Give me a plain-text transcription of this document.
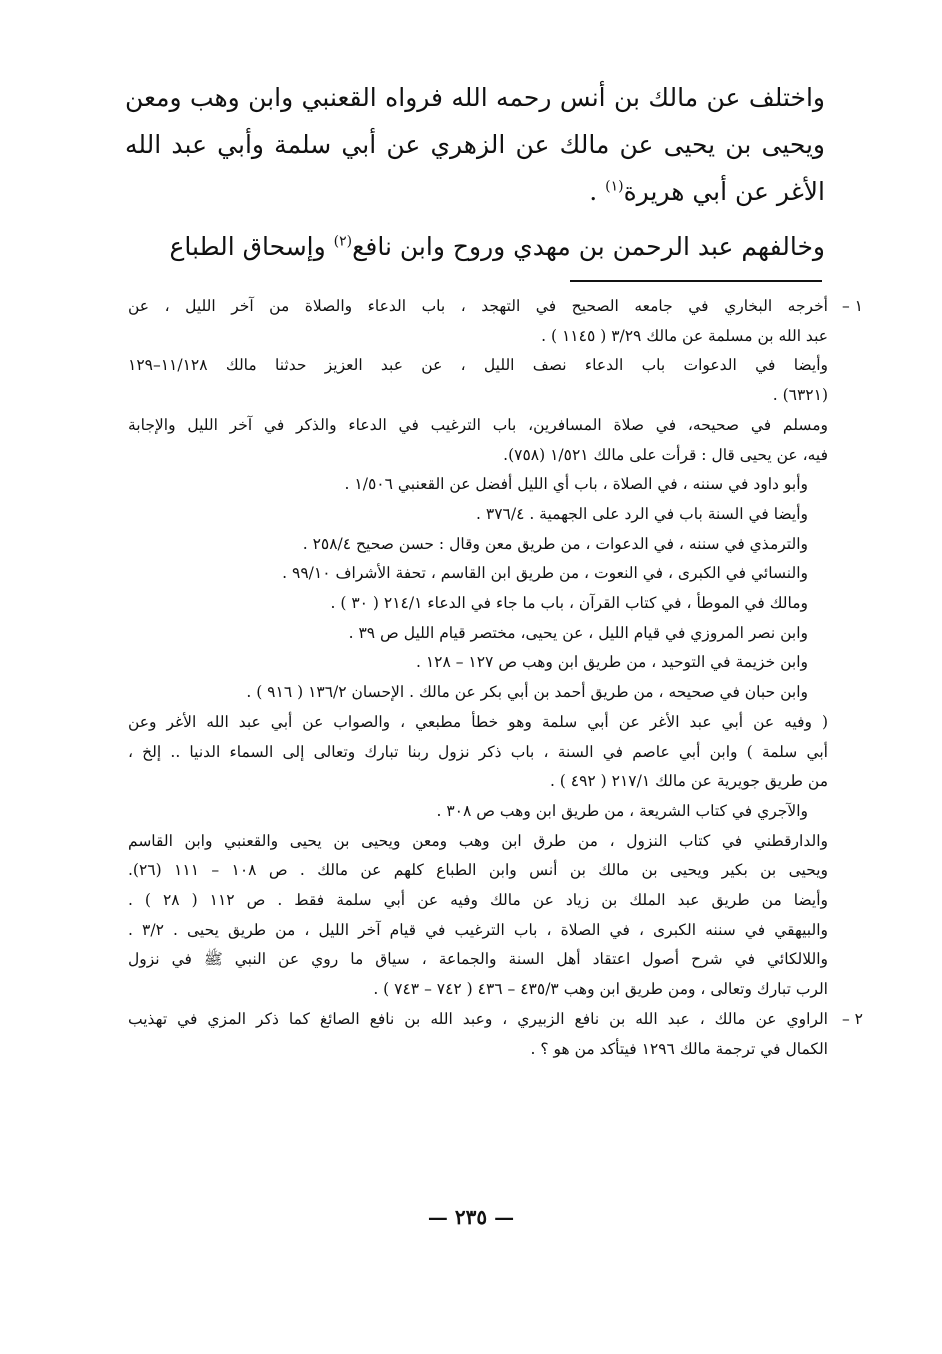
واختلف عن مالك بن أنس رحمه الله فرواه القعنبي وابن وهب ومعن ويحيى بن يحيى عن مالك عن الزهري عن أبي سلمة وأبي عبد الله الأغر عن أبي هريرة$^{(١)}$ .

وخالفهم عبد الرحمن بن مهدي وروح وابن نافع$^{(٢)}$ وإسحاق الطباع

١ –
أخرجه البخاري في جامعه الصحيح في التهجد ، باب الدعاء والصلاة من آخر الليل ، عن
عبد الله بن مسلمة عن مالك ٣/٢٩ ( ١١٤٥ ) .
وأيضا في الدعوات باب الدعاء نصف الليل ، عن عبد العزيز حدثنا مالك ١١/١٢٨–١٢٩
(٦٣٢١) .
ومسلم في صحيحه، في صلاة المسافرين، باب الترغيب في الدعاء والذكر في آخر الليل والإجابة
فيه، عن يحيى قال : قرأت على مالك ١/٥٢١ (٧٥٨).
وأبو داود في سننه ، في الصلاة ، باب أي الليل أفضل عن القعنبي ١/٥٠٦ .
وأيضا في السنة باب في الرد على الجهمية . ٣٧٦/٤ .
والترمذي في سننه ، في الدعوات ، من طريق معن وقال : حسن صحيح ٢٥٨/٤ .
والنسائي في الكبرى ، في النعوت ، من طريق ابن القاسم ، تحفة الأشراف ٩٩/١٠ .
ومالك في الموطأ ، في كتاب القرآن ، باب ما جاء في الدعاء ٢١٤/١ ( ٣٠ ) .
وابن نصر المروزي في قيام الليل ، عن يحيى، مختصر قيام الليل ص ٣٩ .
وابن خزيمة في التوحيد ، من طريق ابن وهب ص ١٢٧ – ١٢٨ .
وابن حبان في صحيحه ، من طريق أحمد بن أبي بكر عن مالك . الإحسان ١٣٦/٢ ( ٩١٦ ) .
( وفيه عن أبي عبد الأغر عن أبي سلمة وهو خطأ مطبعي ، والصواب عن أبي عبد الله الأغر وعن
أبي سلمة ) وابن أبي عاصم في السنة ، باب ذكر نزول ربنا تبارك وتعالى إلى السماء الدنيا .. إلخ ،
من طريق جويرية عن مالك ٢١٧/١ ( ٤٩٢ ) .
والآجري في كتاب الشريعة ، من طريق ابن وهب ص ٣٠٨ .
والدارقطني في كتاب النزول ، من طرق ابن وهب ومعن ويحيى بن يحيى والقعنبي وابن القاسم
ويحيى بن بكير ويحيى بن مالك بن أنس وابن الطباع كلهم عن مالك . ص ١٠٨ – ١١١ (٢٦).
وأيضا من طريق عبد الملك بن زياد عن مالك وفيه عن أبي سلمة فقط . ص ١١٢ ( ٢٨ ) .
والبيهقي في سننه الكبرى ، في الصلاة ، باب الترغيب في قيام آخر الليل ، من طريق يحيى . ٣/٢ .
واللالكائي في شرح أصول اعتقاد أهل السنة والجماعة ، سياق ما روي عن النبي ﷺ في نزول
الرب تبارك وتعالى ، ومن طريق ابن وهب ٤٣٥/٣ – ٤٣٦ ( ٧٤٢ – ٧٤٣ ) .
٢ –
الراوي عن مالك ، عبد الله بن نافع الزبيري ، وعبد الله بن نافع الصائغ كما ذكر المزي في تهذيب
الكمال في ترجمة مالك ١٢٩٦ فيتأكد من هو ؟ .
— ٢٣٥ —
